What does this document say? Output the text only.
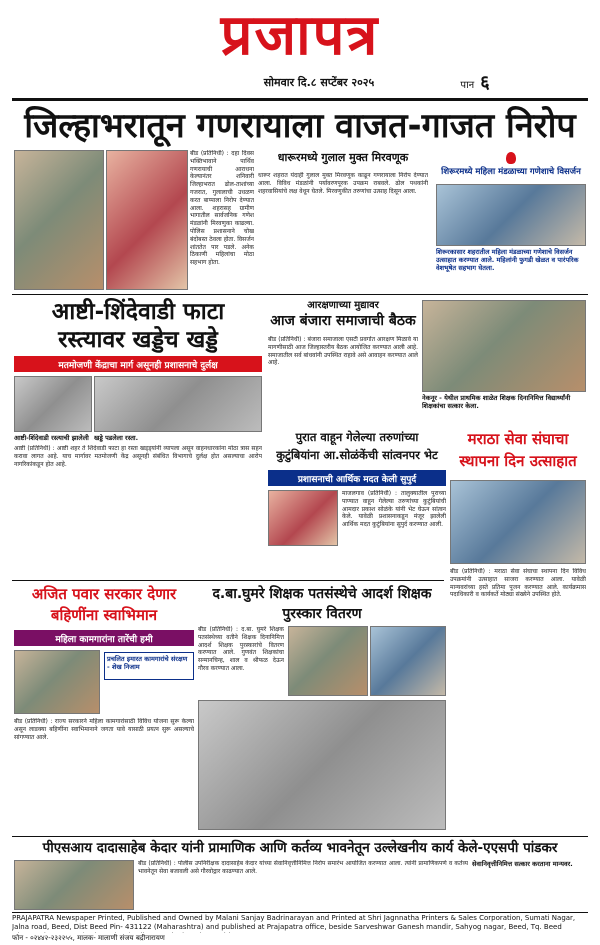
प्रजापत्र
सोमवार दि.८ सप्टेंबर २०२५	पान ६
जिल्हाभरातून गणरायाला वाजत-गाजत निरोप
बीड (प्रतिनिधी) : दहा दिवस भक्तिभावाने पार्थिव गणरायाची आराधना केल्यानंतर शनिवारी जिल्हाभरात ढोल-ताशांच्या गजरात, गुलालाची उधळण करत बाप्पाला निरोप देण्यात आला. शहरासह ग्रामीण भागातील सार्वजनिक गणेश मंडळांनी मिरवणुका काढल्या. पोलिस प्रशासनाने चोख बंदोबस्त ठेवला होता. विसर्जन शांततेत पार पडले. अनेक ठिकाणी महिलांचा मोठा सहभाग होता.
धारूरमध्ये गुलाल मुक्त मिरवणूक
धारूर शहरात यंदाही गुलाल मुक्त मिरवणूक काढून गणरायाला निरोप देण्यात आला. विविध मंडळांनी पर्यावरणपूरक उपक्रम राबवले. ढोल पथकांनी शहरवासियांचे लक्ष वेधून घेतले. मिरवणुकीत तरुणांचा उत्साह दिसून आला.
शिरूरमध्ये महिला मंडळाच्या गणेशाचे विसर्जन
शिरूरकासार शहरातील महिला मंडळाच्या गणेशाचे विसर्जन उत्साहात करण्यात आले. महिलांनी फुगडी खेळत व पारंपरिक वेशभूषेत सहभाग घेतला.
आष्टी-शिंदेवाडी फाटा
रस्त्यावर खड्डेच खड्डे
मतमोजणी केंद्राचा मार्ग असूनही प्रशासनाचे दुर्लक्ष
आष्टी-शिंदेवाडी रस्त्याची झालेली खड्डे पडलेला रस्ता.
आष्टी (प्रतिनिधी) : आष्टी शहर ते शिंदेवाडी फाटा हा रस्ता खड्ड्यांनी व्यापला असून वाहनधारकांना मोठा त्रास सहन करावा लागत आहे. याच मार्गावर मतमोजणी केंद्र असूनही संबंधित विभागाचे दुर्लक्ष होत असल्याचा आरोप नागरिकांकडून होत आहे.
आरक्षणाच्या मुद्यावर
आज बंजारा समाजाची बैठक
बीड (प्रतिनिधी) : बंजारा समाजाला एसटी प्रवर्गात आरक्षण मिळावे या मागणीसाठी आज जिल्हास्तरीय बैठक आयोजित करण्यात आली आहे. समाजातील सर्व बांधवांनी उपस्थित राहावे असे आवाहन करण्यात आले आहे.
नेकनूर - येथील प्राथमिक शाळेत शिक्षक दिनानिमित्त विद्यार्थ्यांनी शिक्षकांचा सत्कार केला.
पुरात वाहून गेलेल्या तरुणांच्या
कुटुंबियांना आ.सोळंकेंची सांत्वनपर भेट
प्रशासनाची आर्थिक मदत केली सुपुर्द
माजलगाव (प्रतिनिधी) : तालुक्यातील पुराच्या पाण्यात वाहून गेलेल्या तरुणांच्या कुटुंबियांची आमदार प्रकाश सोळंके यांनी भेट घेऊन सांत्वन केले. यावेळी प्रशासनाकडून मंजूर झालेली आर्थिक मदत कुटुंबियांना सुपुर्द करण्यात आली.
मराठा सेवा संघाचा
स्थापना दिन उत्साहात
बीड (प्रतिनिधी) : मराठा सेवा संघाचा स्थापना दिन विविध उपक्रमांनी उत्साहात साजरा करण्यात आला. यावेळी मान्यवरांच्या हस्ते प्रतिमा पूजन करण्यात आले. कार्यक्रमास पदाधिकारी व कार्यकर्ते मोठ्या संख्येने उपस्थित होते.
अजित पवार सरकार देणार
बहिणींना स्वाभिमान
महिला कामगारांना तारेंची हमी
प्रचलित इमारत कामगारांचे संरक्षण - शेख निजाम
बीड (प्रतिनिधी) : राज्य सरकारने महिला कामगारांसाठी विविध योजना सुरू केल्या असून लाडक्या बहिणींना स्वाभिमानाने जगता यावे यासाठी प्रयत्न सुरू असल्याचे सांगण्यात आले.
द.बा.घुमरे शिक्षक पतसंस्थेचे आदर्श शिक्षक पुरस्कार वितरण
बीड (प्रतिनिधी) : द.बा. घुमरे शिक्षक पतसंस्थेच्या वतीने शिक्षक दिनानिमित्त आदर्श शिक्षक पुरस्कारांचे वितरण करण्यात आले. गुणवंत शिक्षकांचा सन्मानचिन्ह, शाल व श्रीफळ देऊन गौरव करण्यात आला.
पीएसआय दादासाहेब केदार यांनी प्रामाणिक आणि कर्तव्य भावनेतून उल्लेखनीय कार्य केले-एएसपी पांडकर
बीड (प्रतिनिधी) : पोलीस उपनिरीक्षक दादासाहेब केदार यांच्या सेवानिवृत्तीनिमित्त निरोप समारंभ आयोजित करण्यात आला. त्यांनी प्रामाणिकपणे व कर्तव्य भावनेतून सेवा बजावली असे गौरवोद्गार काढण्यात आले.
सेवानिवृत्तीनिमित्त सत्कार करताना मान्यवर.
PRAJAPATRA Newspaper Printed, Published and Owned by Malani Sanjay Badrinarayan and Printed at Shri Jagnnatha Printers & Sales Corporation, Sumati Nagar, Jalna road, Beed, Dist Beed Pin- 431122 (Maharashtra) and published at Prajapatra office, beside Sarveshwar Ganesh mandir, Sahyog nagar, Beed, Tq. Beed
फोन - ०२४४२-२३२२५५, मालक- मालाणी संजय बद्रीनारायण
